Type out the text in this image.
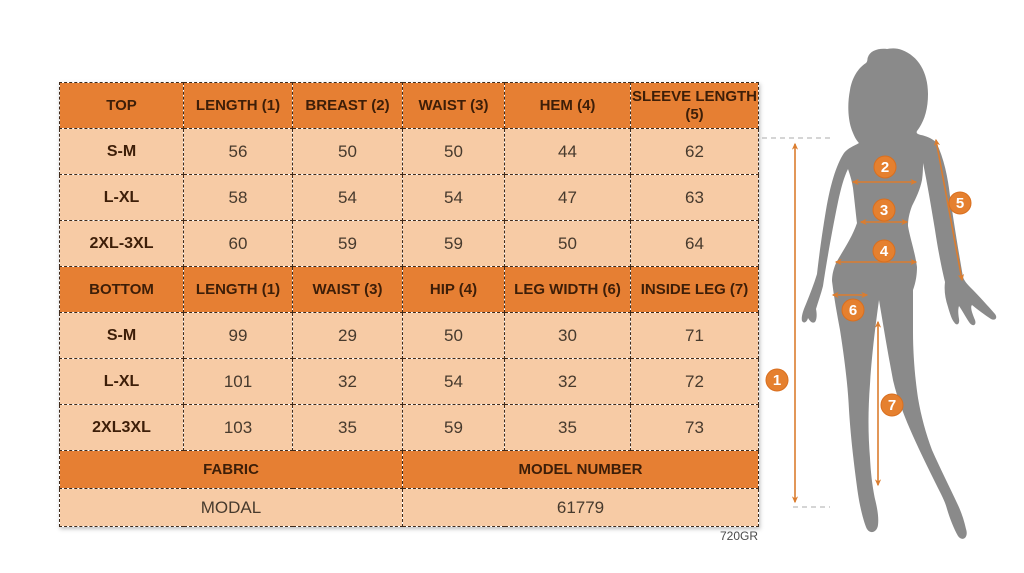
TOP	LENGTH (1)	BREAST (2)	WAIST (3)	HEM (4)	SLEEVE LENGTH (5)
S-M	56	50	50	44	62
L-XL	58	54	54	47	63
2XL-3XL	60	59	59	50	64
BOTTOM	LENGTH (1)	WAIST (3)	HIP (4)	LEG WIDTH (6)	INSIDE LEG (7)
S-M	99	29	50	30	71
L-XL	101	32	54	32	72
2XL3XL	103	35	59	35	73
FABRIC			MODEL NUMBER		
MODAL			61779		
720GR
1
2
3
4
5
6
7
